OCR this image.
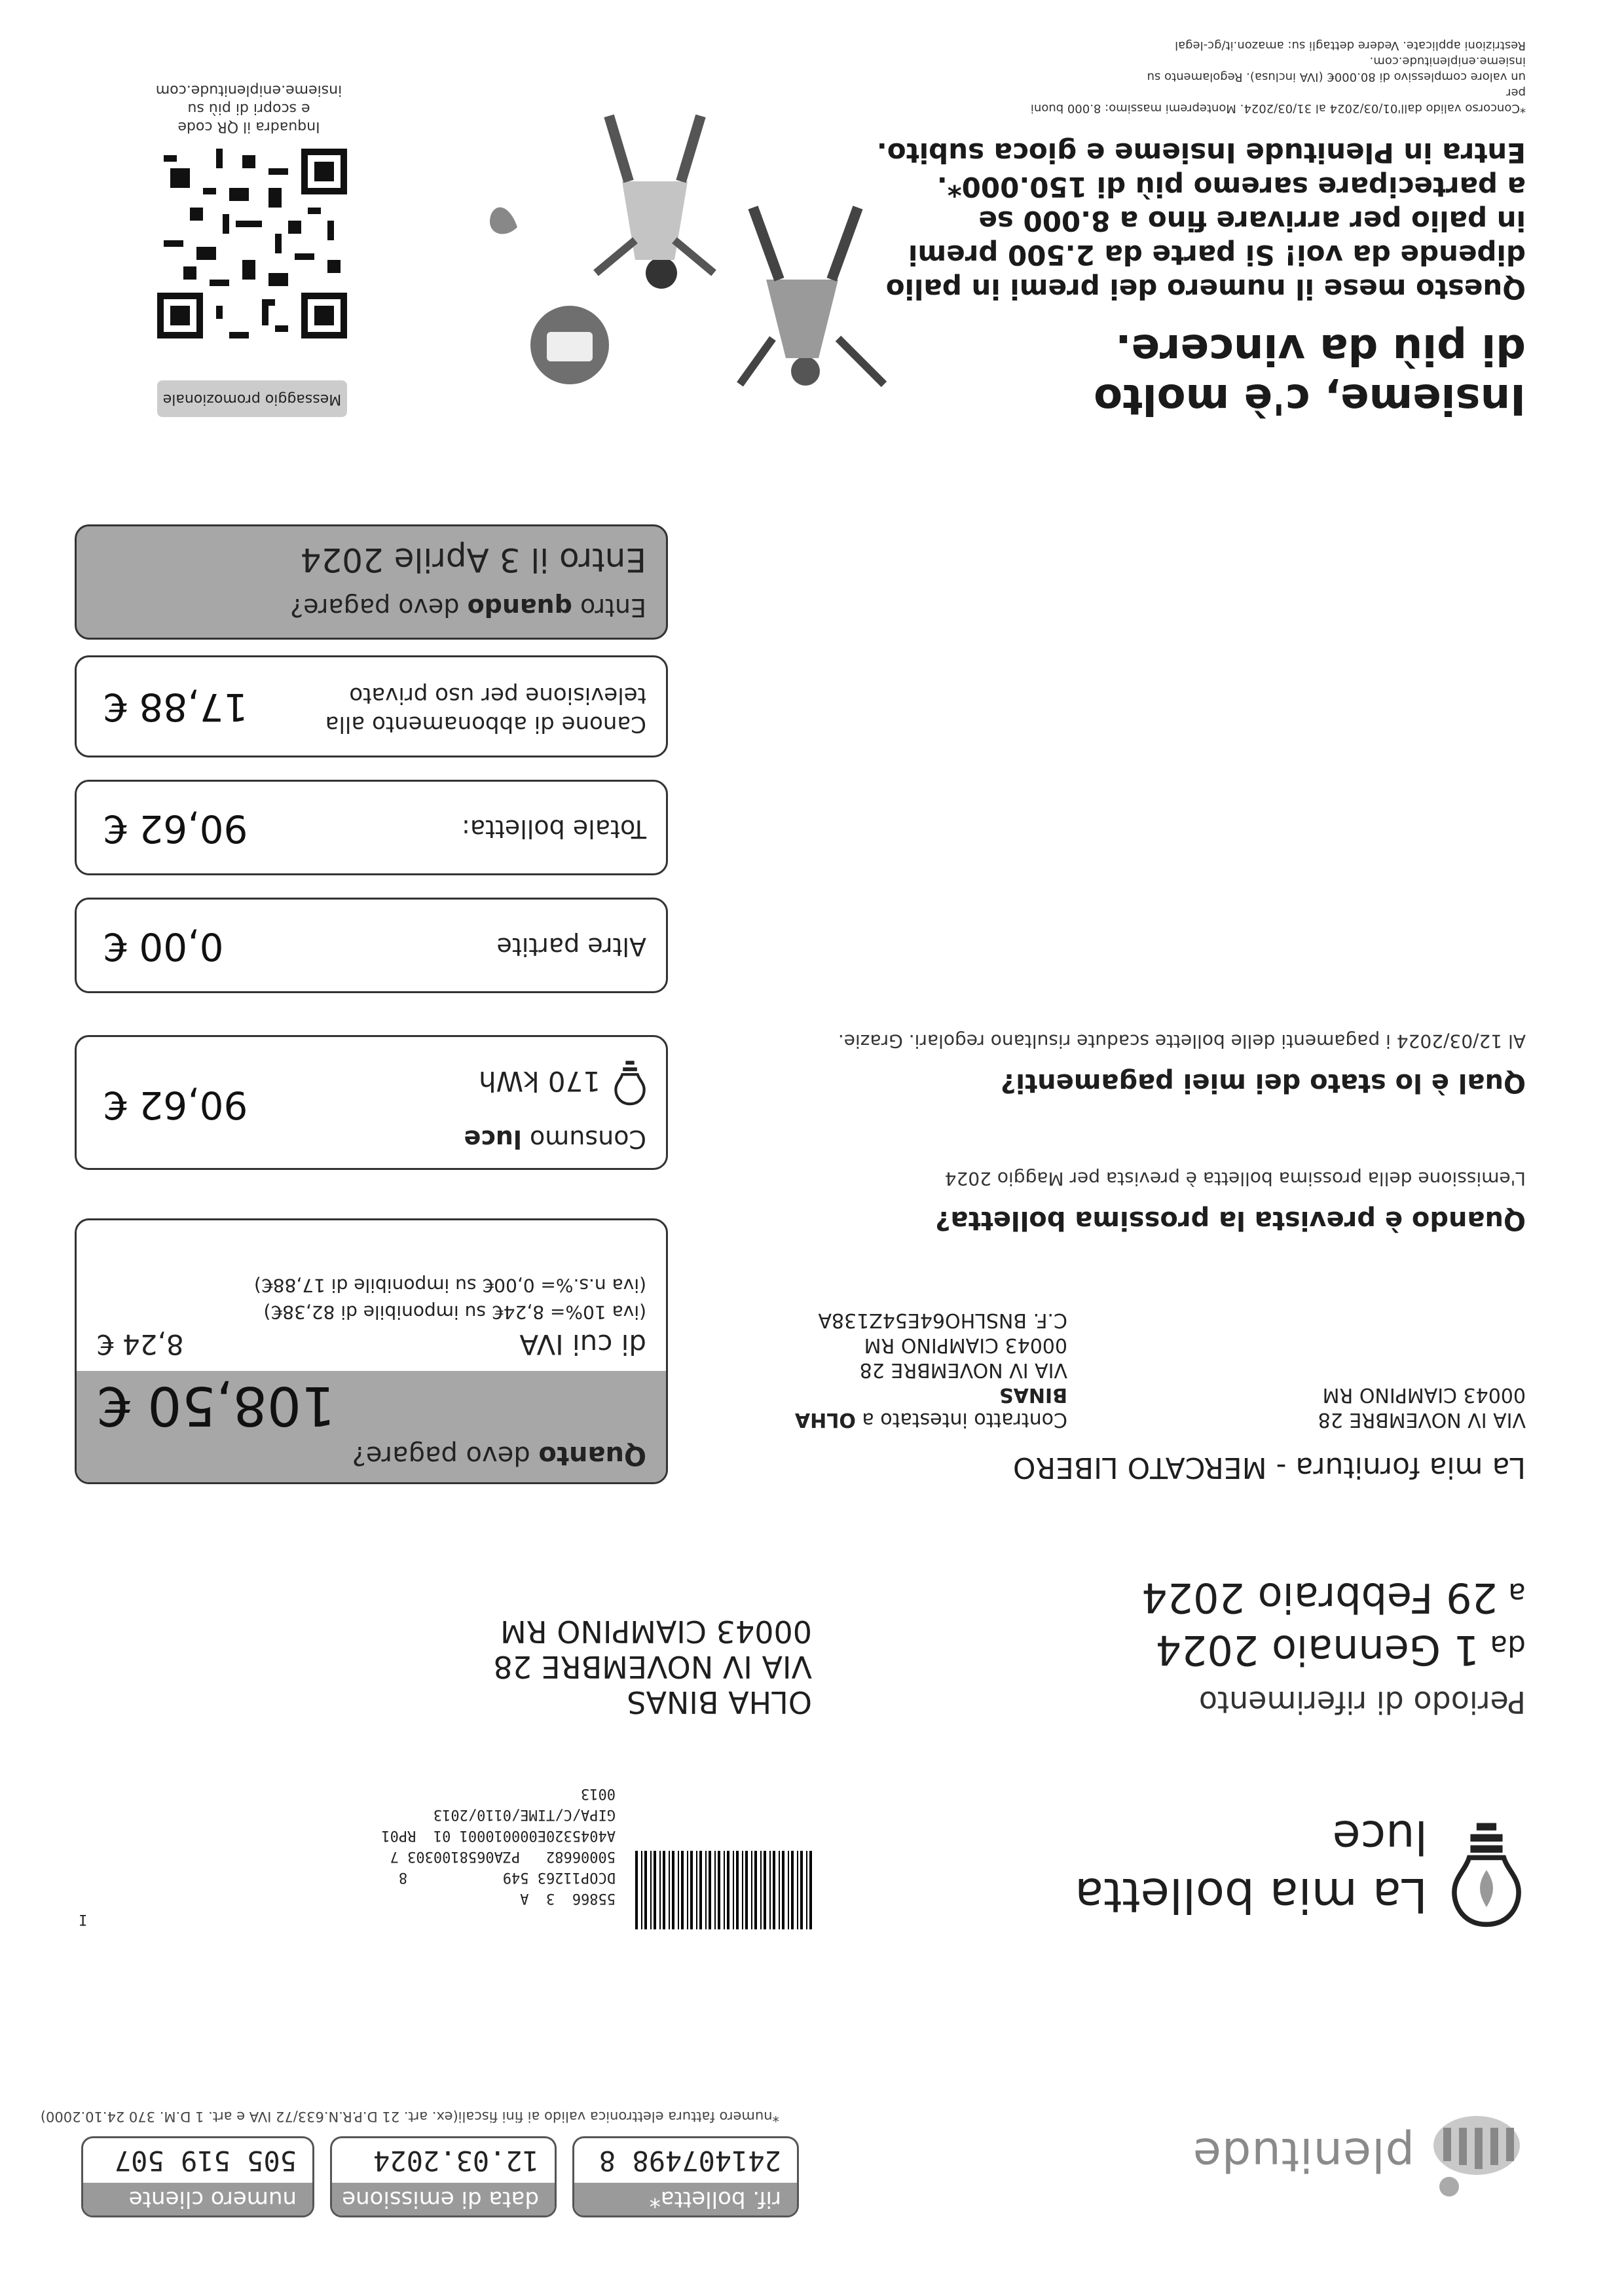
plenitude
rif. bolletta*
241407498 8
data di emissione
12.03.2024
numero cliente
505 519 507
*numero fattura elettronica valido ai fini fiscali(ex. art. 21 D.P.R.N.633/72 IVA e art. 1 D.M. 370 24.10.2000)
La mia bolletta
luce
I
55866  3  A
DCOP11263 549           8
50006682   PZA0658100303 7
A4045320E000010001 01  RP01
GIPA/C/TIME/0110/2013
0013
Periodo di riferimento
da1 Gennaio 2024
a29 Febbraio 2024
OLHA BINAS
VIA IV NOVEMBRE 28
00043 CIAMPINO RM
La mia fornitura - MERCATO LIBERO
VIA IV NOVEMBRE 28
00043 CIAMPINO RM
Contratto intestato a OLHA BINAS
VIA IV NOVEMBRE 28
00043 CIAMPINO RM
C.F. BNSLHO64E54Z138A
Quando è prevista la prossima bolletta?
L'emissione della prossima bolletta è prevista per Maggio 2024
Qual è lo stato dei miei pagamenti?
Al 12/03/2024 i pagamenti delle bollette scadute risultano regolari. Grazie.
Quanto devo pagare?
108,50 €
di cui IVA
8,24 €
(iva 10%= 8,24€ su imponibile di 82,38€)
(iva n.s.%= 0,00€ su imponibile di 17,88€)
Consumo luce
170 kWh
90,62 €
Altre partite
0,00 €
Totale bolletta:
90,62 €
Canone di abbonamento alla
televisione per uso privato
17,88 €
Entro quando devo pagare?
Entro il 3 Aprile 2024
Messaggio promozionale
Inquadra il QR code
e scopri di più su
insieme.eniplenitude.com
Insieme, c'è molto
di più da vincere.
Questo mese il numero dei premi in palio
dipende da voi! Si parte da 2.500 premi
in palio per arrivare fino a 8.000 se
a partecipare saremo più di 150.000*.
Entra in Plenitude Insieme e gioca subito.
*Concorso valido dall'01/03/2024 al 31/03/2024. Montepremi massimo: 8.000 buoni per
un valore complessivo di 80.000€ (IVA inclusa). Regolamento su insieme.eniplenitude.com.
Restrizioni applicate. Vedere dettagli su: amazon.it/gc-legal
